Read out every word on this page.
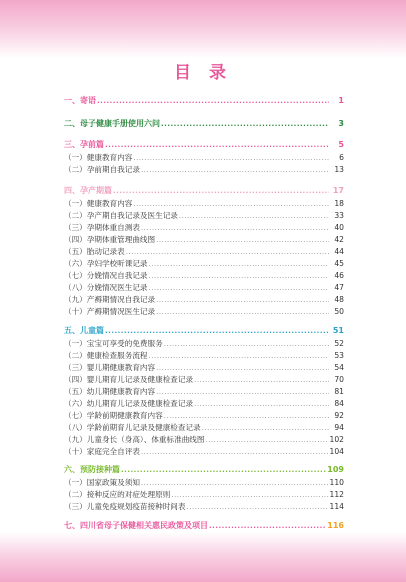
目 录
一、寄语 .....	1
二、母子健康手册使用六问 .....	3
三、孕前篇 .....	5
（一）健康教育内容 .....	6
（二）孕前期自我记录 .....	13
四、孕产期篇 .....	17
（一）健康教育内容 .....	18
（二）孕产期自我记录及医生记录 .....	33
（三）孕期体重自测表 .....	40
（四）孕期体重管理曲线图 .....	42
（五）胎动记录表 .....	44
（六）孕妇学校听课记录 .....	45
（七）分娩情况自我记录 .....	46
（八）分娩情况医生记录 .....	47
（九）产褥期情况自我记录 .....	48
（十）产褥期情况医生记录 .....	50
五、儿童篇 .....	51
（一）宝宝可享受的免费服务 .....	52
（二）健康检查服务流程 .....	53
（三）婴儿期健康教育内容 .....	54
（四）婴儿期育儿记录及健康检查记录 .....	70
（五）幼儿期健康教育内容 .....	81
（六）幼儿期育儿记录及健康检查记录 .....	84
（七）学龄前期健康教育内容 .....	92
（八）学龄前期育儿记录及健康检查记录 .....	94
（九）儿童身长（身高）、体重标准曲线图 .....	102
（十）家庭完全自评表 .....	104
六、预防接种篇 .....	109
（一）国家政策及须知 .....	110
（二）接种反应的对症处理原则 .....	112
（三）儿童免疫规划疫苗接种时间表 .....	114
七、四川省母子保健相关惠民政策及项目 .....	116
